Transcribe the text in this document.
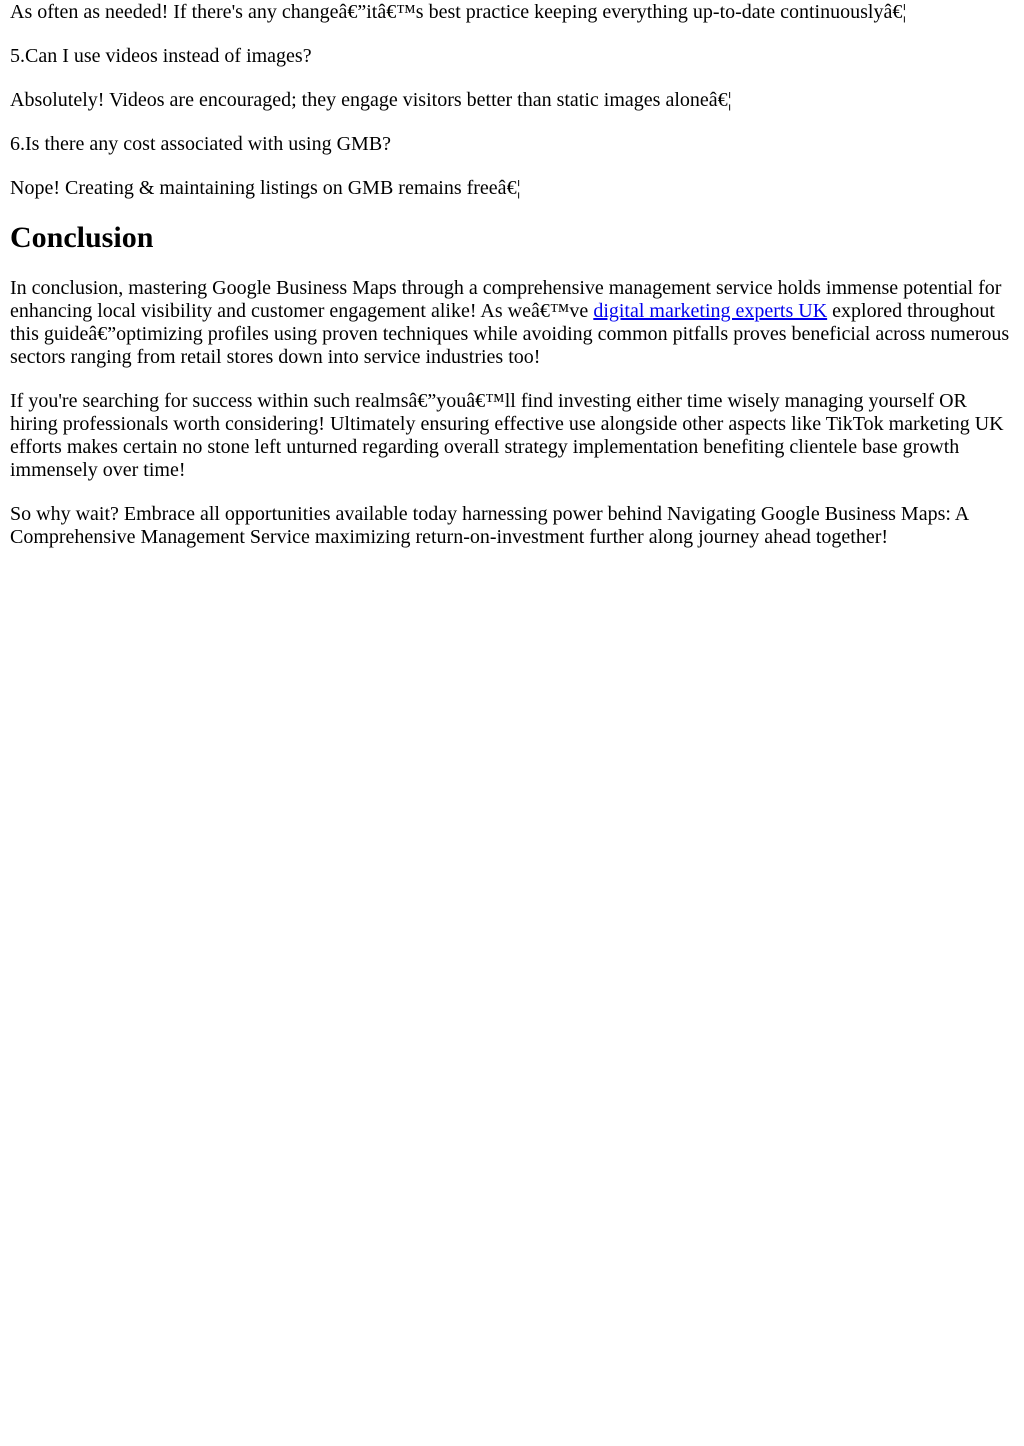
As often as needed! If there's any changeâ€”itâ€™s best practice keeping everything up-to-date continuouslyâ€¦

5.Can I use videos instead of images?

Absolutely! Videos are encouraged; they engage visitors better than static images aloneâ€¦

6.Is there any cost associated with using GMB?

Nope! Creating & maintaining listings on GMB remains freeâ€¦

Conclusion

In conclusion, mastering Google Business Maps through a comprehensive management service holds immense potential for enhancing local visibility and customer engagement alike! As weâ€™ve digital marketing experts UK explored throughout this guideâ€”optimizing profiles using proven techniques while avoiding common pitfalls proves beneficial across numerous sectors ranging from retail stores down into service industries too!

If you're searching for success within such realmsâ€”youâ€™ll find investing either time wisely managing yourself OR hiring professionals worth considering! Ultimately ensuring effective use alongside other aspects like TikTok marketing UK efforts makes certain no stone left unturned regarding overall strategy implementation benefiting clientele base growth immensely over time!

So why wait? Embrace all opportunities available today harnessing power behind Navigating Google Business Maps: A Comprehensive Management Service maximizing return-on-investment further along journey ahead together!
